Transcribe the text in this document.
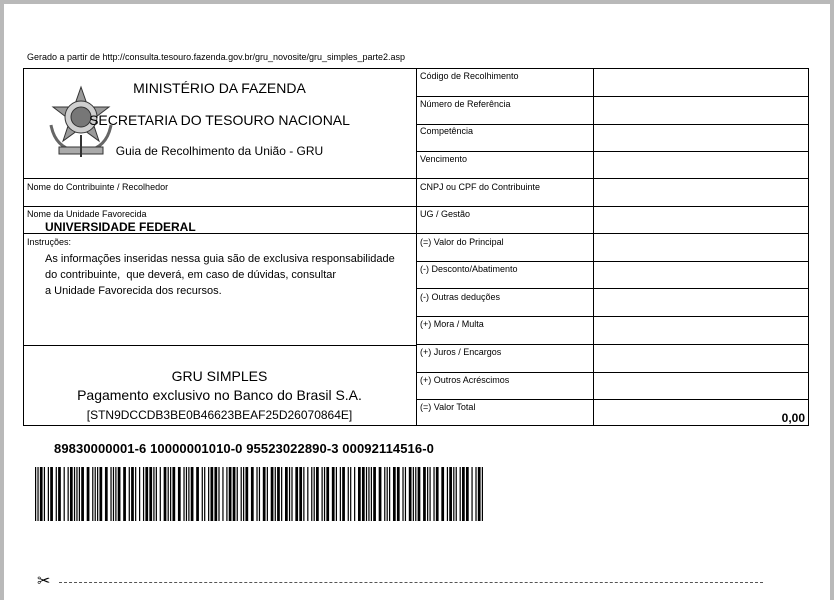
Gerado a partir de http://consulta.tesouro.fazenda.gov.br/gru_novosite/gru_simples_parte2.asp
MINISTÉRIO DA FAZENDA
SECRETARIA DO TESOURO NACIONAL
Guia de Recolhimento da União - GRU
Nome do Contribuinte / Recolhedor
Nome da Unidade Favorecida
UNIVERSIDADE FEDERAL
Instruções:
As informações inseridas nessa guia são de exclusiva responsabilidade
do contribuinte,  que deverá, em caso de dúvidas, consultar
a Unidade Favorecida dos recursos.
GRU SIMPLES
Pagamento exclusivo no Banco do Brasil S.A.
[STN9DCCDB3BE0B46623BEAF25D26070864E]
Código de Recolhimento
Número de Referência
Competência
Vencimento
CNPJ ou CPF do Contribuinte
UG / Gestão
(=) Valor do Principal
(-) Desconto/Abatimento
(-) Outras deduções
(+) Mora / Multa
(+) Juros / Encargos
(+) Outros Acréscimos
(=) Valor Total
0,00
89830000001-6 10000001010-0 95523022890-3 00092114516-0
✂
